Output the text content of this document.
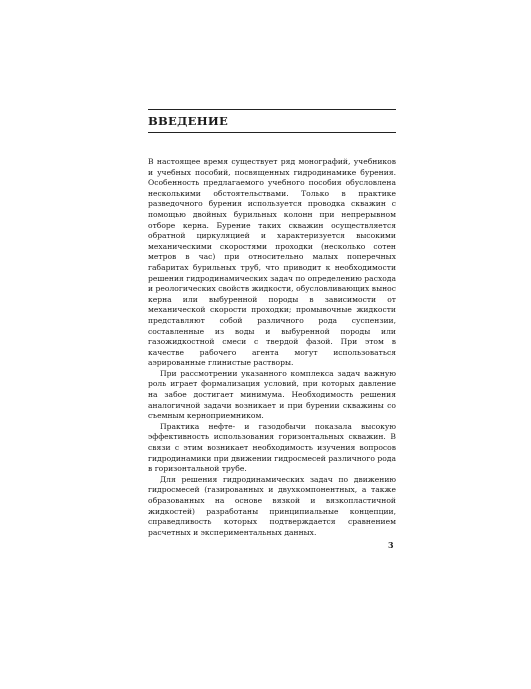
ВВЕДЕНИЕ

В настоящее время существует ряд монографий, учебников и учебных пособий, посвященных гидродинамике бурения. Особенность предлагаемого учебного пособия обусловлена несколькими обстоятельствами. Только в практике разведочного бурения используется проводка скважин с помощью двойных бурильных колонн при непрерывном отборе керна. Бурение таких скважин осуществляется обратной циркуляцией и характеризуется высокими механическими скоростями проходки (несколько сотен метров в час) при относительно малых поперечных габаритах бурильных труб, что приводит к необходимости решения гидродинамических задач по определению расхода и реологических свойств жидкости, обусловливающих вынос керна или выбуренной породы в зависимости от механической скорости проходки; промывочные жидкости представляют собой различного рода суспензии, составленные из воды и выбуренной породы или газожидкостной смеси с твердой фазой. При этом в качестве рабочего агента могут использоваться аэрированные глинистые растворы.

При рассмотрении указанного комплекса задач важную роль играет формализация условий, при которых давление на забое достигает минимума. Необходимость решения аналогичной задачи возникает и при бурении скважины со съемным керноприемником.

Практика нефте- и газодобычи показала высокую эффективность использования горизонтальных скважин. В связи с этим возникает необходимость изучения вопросов гидродинамики при движении гидросмесей различного рода в горизонтальной трубе.

Для решения гидродинамических задач по движению гидросмесей (газированных и двухкомпонентных, а также образованных на основе вязкой и вязкопластичной жидкостей) разработаны принципиальные концепции, справедливость которых подтверждается сравнением расчетных и экспериментальных данных.

3
